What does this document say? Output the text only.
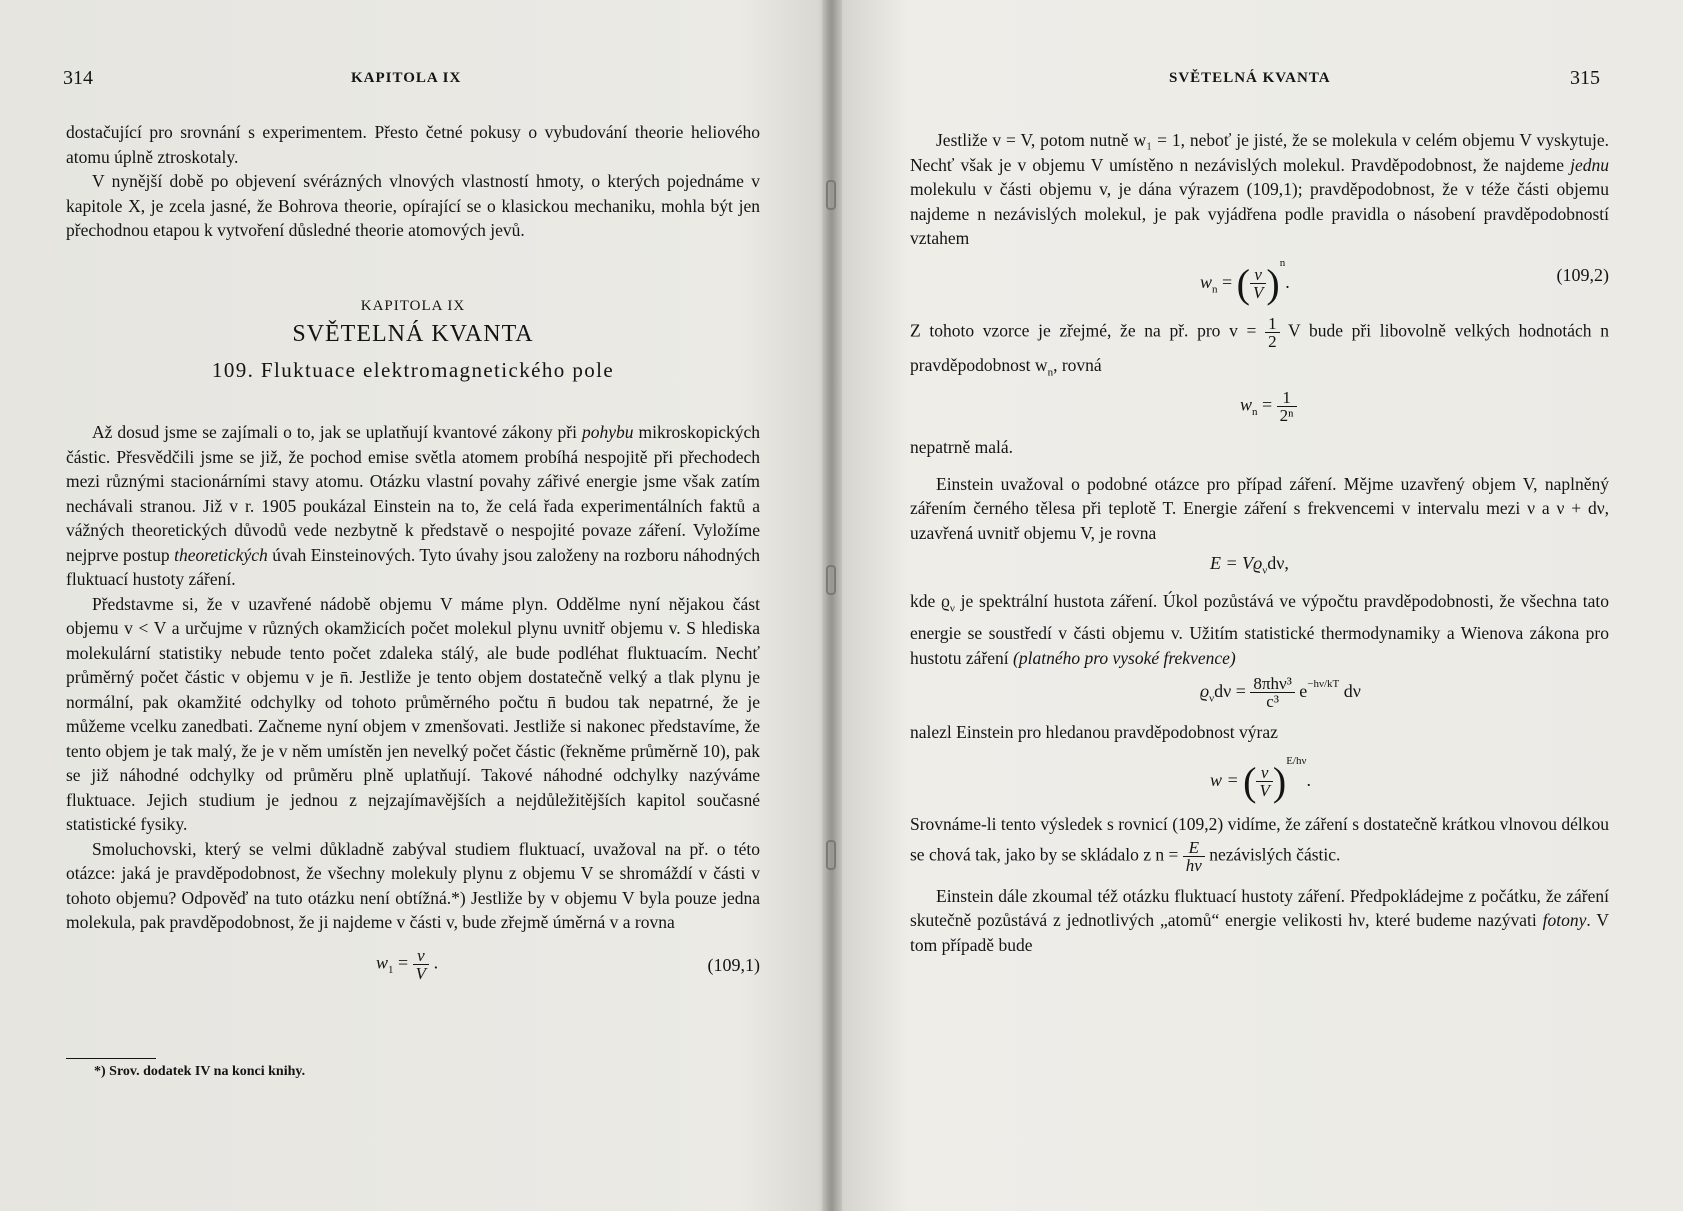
314	KAPITOLA IX

dostačující pro srovnání s experimentem. Přesto četné pokusy o vybudování theorie heliového atomu úplně ztroskotaly.

V nynější době po objevení svérázných vlnových vlastností hmoty, o kterých pojednáme v kapitole X, je zcela jasné, že Bohrova theorie, opírající se o klasickou mechaniku, mohla být jen přechodnou etapou k vytvoření důsledné theorie atomových jevů.

KAPITOLA IX
SVĚTELNÁ KVANTA
109. Fluktuace elektromagnetického pole

Až dosud jsme se zajímali o to, jak se uplatňují kvantové zákony při pohybu mikroskopických částic. Přesvědčili jsme se již, že pochod emise světla atomem probíhá nespojitě při přechodech mezi různými stacionárními stavy atomu. Otázku vlastní povahy zářivé energie jsme však zatím nechávali stranou. Již v r. 1905 poukázal Einstein na to, že celá řada experimentálních faktů a vážných theoretických důvodů vede nezbytně k představě o nespojité povaze záření. Vyložíme nejprve postup theoretických úvah Einsteinových. Tyto úvahy jsou založeny na rozboru náhodných fluktuací hustoty záření.

Představme si, že v uzavřené nádobě objemu V máme plyn. Oddělme nyní nějakou část objemu v < V a určujme v různých okamžicích počet molekul plynu uvnitř objemu v. S hlediska molekulární statistiky nebude tento počet zdaleka stálý, ale bude podléhat fluktuacím. Nechť průměrný počet částic v objemu v je n̄. Jestliže je tento objem dostatečně velký a tlak plynu je normální, pak okamžité odchylky od tohoto průměrného počtu n̄ budou tak nepatrné, že je můžeme vcelku zanedbati. Začneme nyní objem v zmenšovati. Jestliže si nakonec představíme, že tento objem je tak malý, že je v něm umístěn jen nevelký počet částic (řekněme průměrně 10), pak se již náhodné odchylky od průměru plně uplatňují. Takové náhodné odchylky nazýváme fluktuace. Jejich studium je jednou z nejzajímavějších a nejdůležitějších kapitol současné statistické fysiky.

Smoluchovski, který se velmi důkladně zabýval studiem fluktuací, uvažoval na př. o této otázce: jaká je pravděpodobnost, že všechny molekuly plynu z objemu V se shromáždí v části v tohoto objemu? Odpověď na tuto otázku není obtížná.*) Jestliže by v objemu V byla pouze jedna molekula, pak pravděpodobnost, že ji najdeme v části v, bude zřejmě úměrná v a rovna

$w_1 = \frac{v}{V}$ .	(109,1)
*) Srov. dodatek IV na konci knihy.
SVĚTELNÁ KVANTA	315

Jestliže v = V, potom nutně w₁ = 1, neboť je jisté, že se molekula v celém objemu V vyskytuje. Nechť však je v objemu V umístěno n nezávislých molekul. Pravděpodobnost, že najdeme jednu molekulu v části objemu v, je dána výrazem (109,1); pravděpodobnost, že v téže části objemu najdeme n nezávislých molekul, je pak vyjádřena podle pravidla o násobení pravděpodobností vztahem

$w_n$ = ( $\frac{v}{V} )^n$.	(109,2)

Z tohoto vzorce je zřejmé, že na př. pro $v = \frac{1}{2}$ V bude při libovolně velkých hodnotách n pravděpodobnost $w_n$, rovná

$w_n = \frac{1}{\text{2ⁿ}}$

nepatrně malá.

Einstein uvažoval o podobné otázce pro případ záření. Mějme uzavřený objem V, naplněný zářením černého tělesa při teplotě T. Energie záření s frekvencemi v intervalu mezi ν a ν + dν, uzavřená uvnitř objemu V, je rovna

$E = Vϱ_\nu d\nu$,

kde $ϱ_\nu$ je spektrální hustota záření. Úkol pozůstává ve výpočtu pravděpodobnosti, že všechna tato energie se soustředí v části objemu v. Užitím statistické thermodynamiky a Wienova zákona pro hustotu záření (platného pro vysoké frekvence)

$ϱ_\nu d\nu = \frac{\text{8πhν³}}{\text{c³}} e^{-h\nu/kT}$ dν

nalezl Einstein pro hledanou pravděpodobnost výraz

w = ( $\frac{v}{V} )^{E/h\nu}$.

Srovnáme-li tento výsledek s rovnicí (109,2) vidíme, že záření s dostatečně krátkou vlnovou délkou se chová tak, jako by se skládalo z $n = \frac{E}{h\nu}$ nezávislých částic.

Einstein dále zkoumal též otázku fluktuací hustoty záření. Předpokládejme z počátku, že záření skutečně pozůstává z jednotlivých „atomů“ energie velikosti hν, které budeme nazývati fotony. V tom případě bude
